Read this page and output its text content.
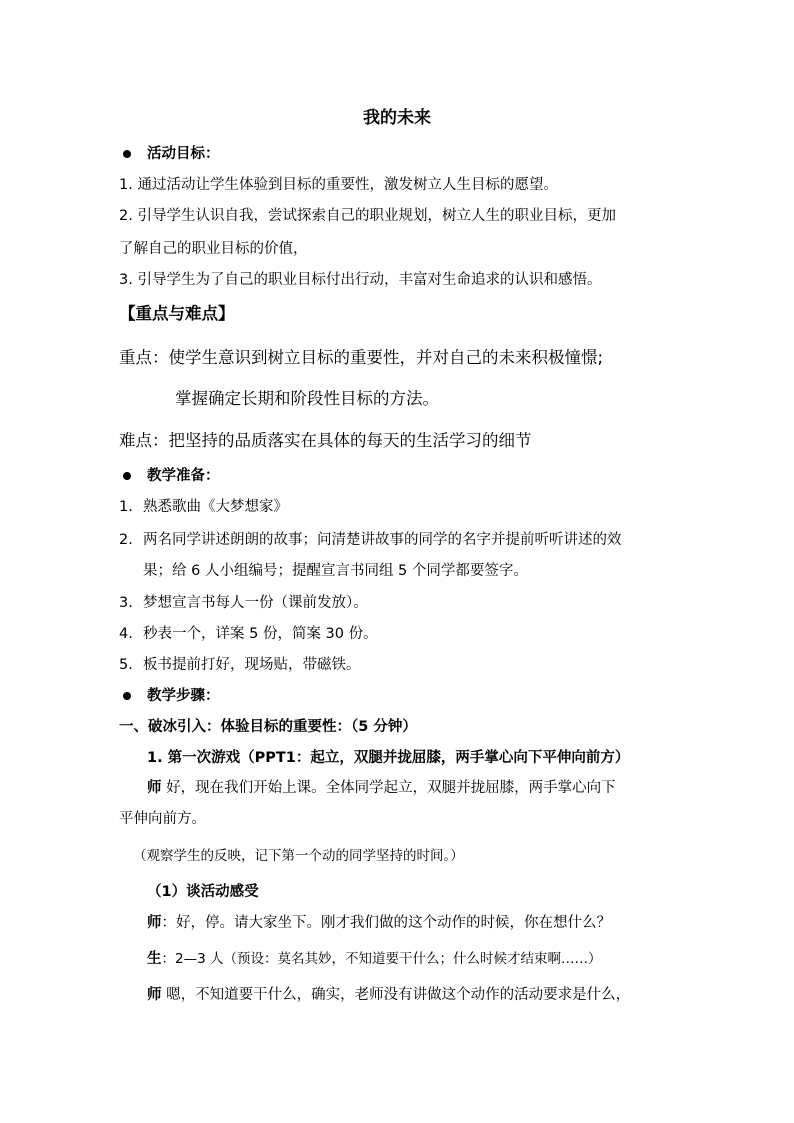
我的未来
活动目标：
1. 通过活动让学生体验到目标的重要性，激发树立人生目标的愿望。
2. 引导学生认识自我，尝试探索自己的职业规划，树立人生的职业目标，更加
了解自己的职业目标的价值，
3. 引导学生为了自己的职业目标付出行动，丰富对生命追求的认识和感悟。
【重点与难点】
重点：使学生意识到树立目标的重要性，并对自己的未来积极憧憬;
掌握确定长期和阶段性目标的方法。
难点：把坚持的品质落实在具体的每天的生活学习的细节
教学准备：
1. 熟悉歌曲《大梦想家》
2. 两名同学讲述朗朗的故事；问清楚讲故事的同学的名字并提前听听讲述的效
果；给 6 人小组编号；提醒宣言书同组 5 个同学都要签字。
3. 梦想宣言书每人一份（课前发放）。
4. 秒表一个，详案 5 份，简案 30 份。
5. 板书提前打好，现场贴，带磁铁。
教学步骤：
一、破冰引入：体验目标的重要性：（5 分钟）
1. 第一次游戏（PPT1：起立，双腿并拢屈膝，两手掌心向下平伸向前方）
师 好，现在我们开始上课。全体同学起立，双腿并拢屈膝，两手掌心向下
平伸向前方。
（观察学生的反映，记下第一个动的同学坚持的时间。）
（1）谈活动感受
师：好，停。请大家坐下。刚才我们做的这个动作的时候，你在想什么？
生：2—3 人（预设：莫名其妙，不知道要干什么；什么时候才结束啊……）
师 嗯，不知道要干什么，确实，老师没有讲做这个动作的活动要求是什么，
